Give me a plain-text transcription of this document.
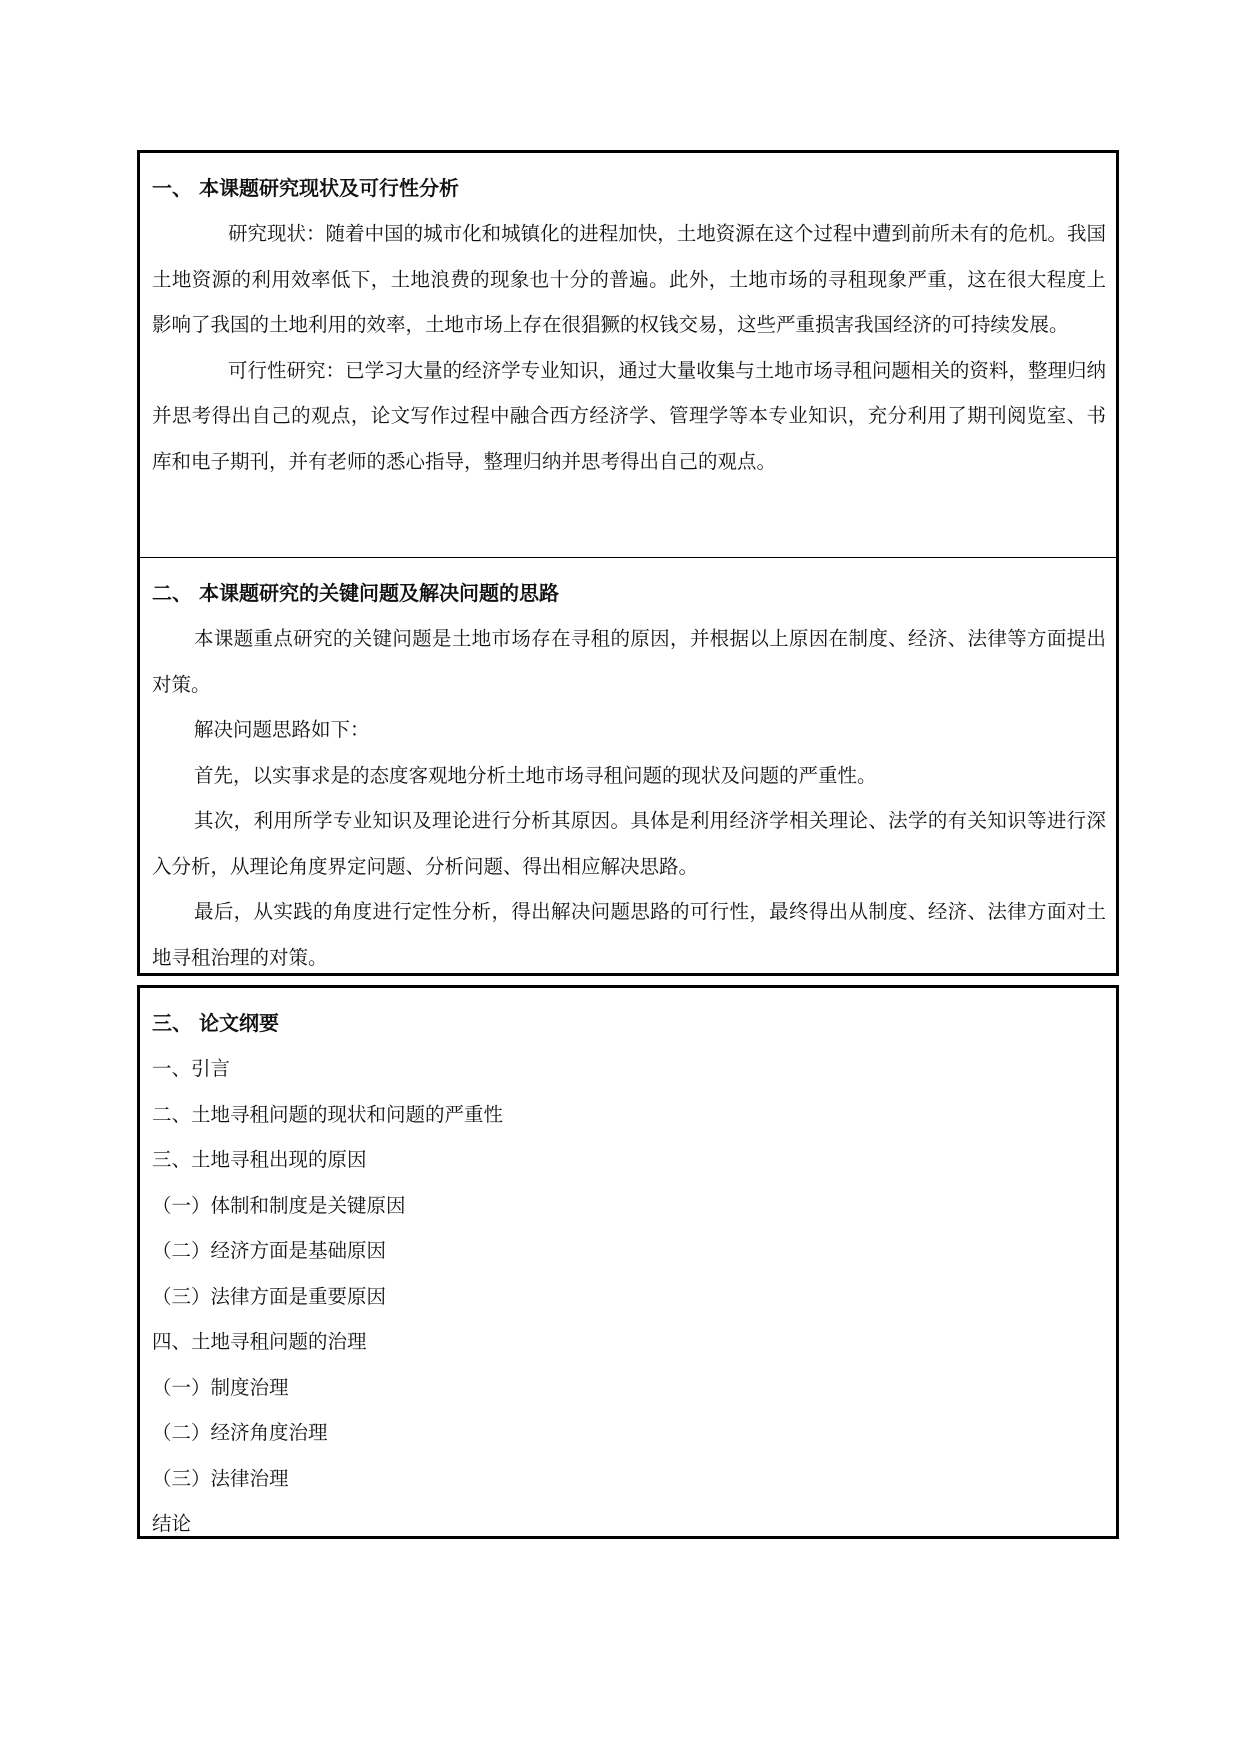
一、 本课题研究现状及可行性分析

研究现状：随着中国的城市化和城镇化的进程加快，土地资源在这个过程中遭到前所未有的危机。我国土地资源的利用效率低下，土地浪费的现象也十分的普遍。此外，土地市场的寻租现象严重，这在很大程度上影响了我国的土地利用的效率，土地市场上存在很猖獗的权钱交易，这些严重损害我国经济的可持续发展。

可行性研究：已学习大量的经济学专业知识，通过大量收集与土地市场寻租问题相关的资料，整理归纳并思考得出自己的观点，论文写作过程中融合西方经济学、管理学等本专业知识，充分利用了期刊阅览室、书库和电子期刊，并有老师的悉心指导，整理归纳并思考得出自己的观点。

二、 本课题研究的关键问题及解决问题的思路

本课题重点研究的关键问题是土地市场存在寻租的原因，并根据以上原因在制度、经济、法律等方面提出对策。

解决问题思路如下：

首先，以实事求是的态度客观地分析土地市场寻租问题的现状及问题的严重性。

其次，利用所学专业知识及理论进行分析其原因。具体是利用经济学相关理论、法学的有关知识等进行深入分析，从理论角度界定问题、分析问题、得出相应解决思路。

最后，从实践的角度进行定性分析，得出解决问题思路的可行性，最终得出从制度、经济、法律方面对土地寻租治理的对策。

三、 论文纲要
一、引言
二、土地寻租问题的现状和问题的严重性
三、土地寻租出现的原因
（一）体制和制度是关键原因
（二）经济方面是基础原因
（三）法律方面是重要原因
四、土地寻租问题的治理
（一）制度治理
（二）经济角度治理
（三）法律治理
结论
